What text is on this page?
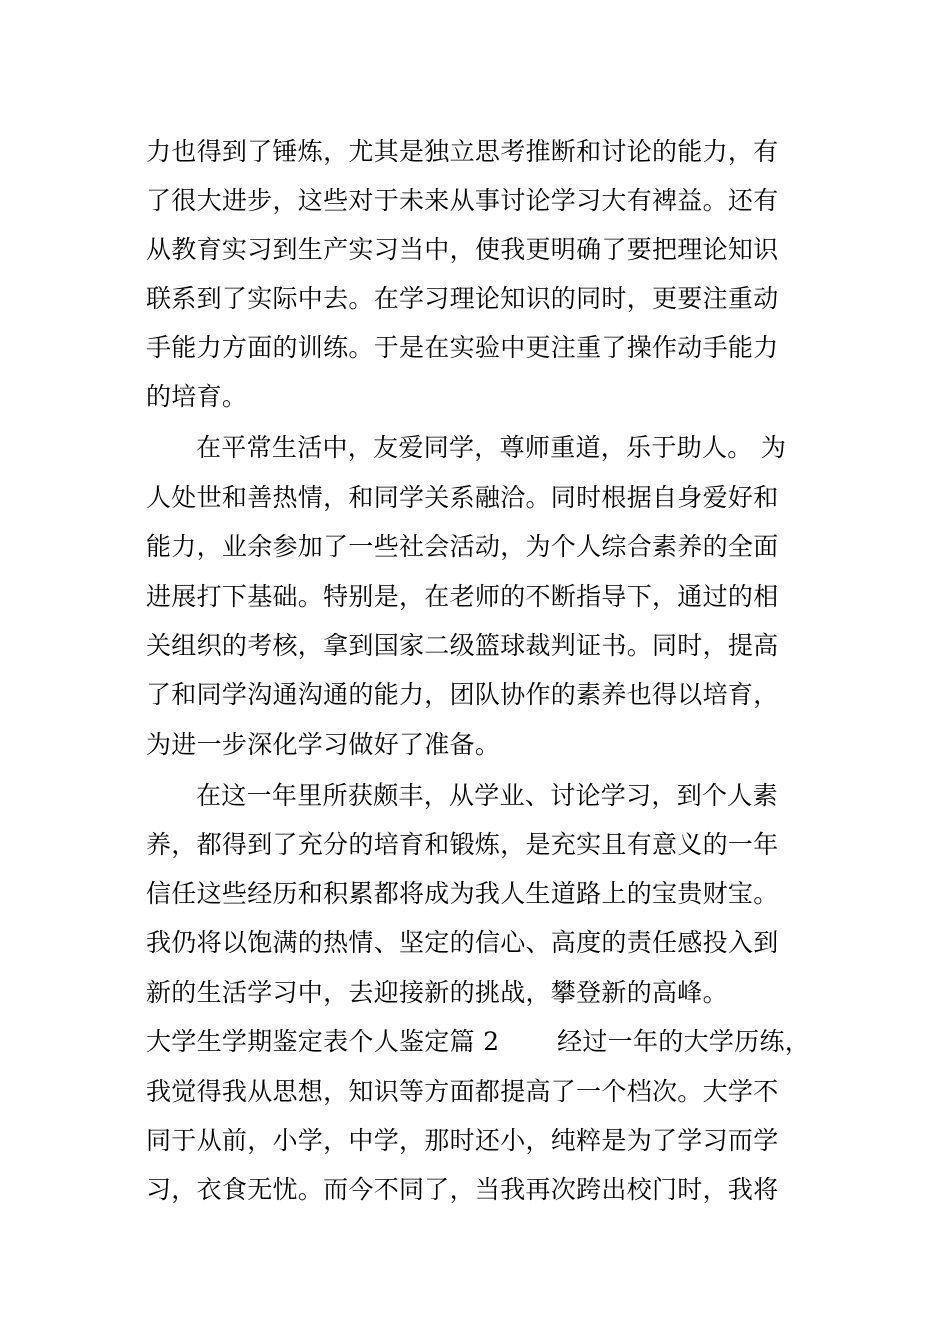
力也得到了锤炼，尤其是独立思考推断和讨论的能力，有
了很大进步，这些对于未来从事讨论学习大有裨益。还有
从教育实习到生产实习当中，使我更明确了要把理论知识
联系到了实际中去。在学习理论知识的同时，更要注重动
手能力方面的训练。于是在实验中更注重了操作动手能力
的培育。
在平常生活中，友爱同学，尊师重道，乐于助人。 为
人处世和善热情，和同学关系融洽。同时根据自身爱好和
能力，业余参加了一些社会活动，为个人综合素养的全面
进展打下基础。特别是，在老师的不断指导下，通过的相
关组织的考核，拿到国家二级篮球裁判证书。同时，提高
了和同学沟通沟通的能力，团队协作的素养也得以培育，
为进一步深化学习做好了准备。
在这一年里所获颇丰，从学业、讨论学习，到个人素
养，都得到了充分的培育和锻炼，是充实且有意义的一年
信任这些经历和积累都将成为我人生道路上的宝贵财宝。
我仍将以饱满的热情、坚定的信心、高度的责任感投入到
新的生活学习中，去迎接新的挑战，攀登新的高峰。
大学生学期鉴定表个人鉴定篇 2       经过一年的大学历练，
我觉得我从思想，知识等方面都提高了一个档次。大学不
同于从前，小学，中学，那时还小，纯粹是为了学习而学
习，衣食无忧。而今不同了，当我再次跨出校门时，我将
